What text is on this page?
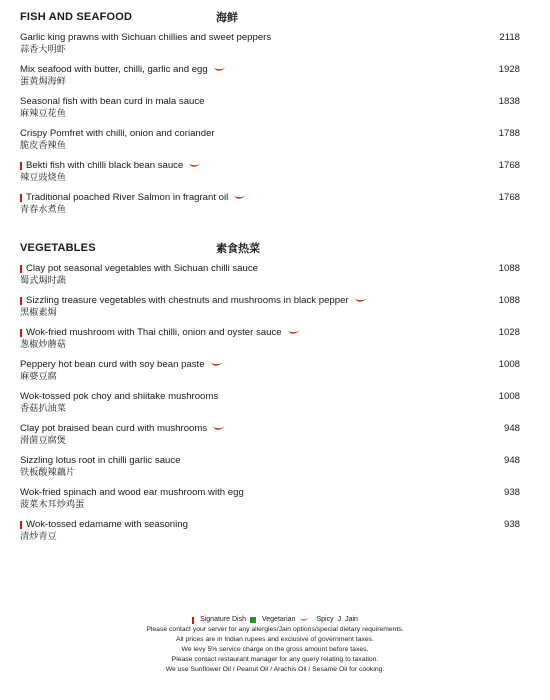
FISH AND SEAFOOD	海鲜
Garlic king prawns with Sichuan chillies and sweet peppers
蒜香大明虾
2118
Mix seafood with butter, chilli, garlic and egg
蛋黄焗海鲜
1928
Seasonal fish with bean curd in mala sauce
麻辣豆花鱼
1838
Crispy Pomfret with chilli, onion and coriander
脆皮香辣鱼
1788
Bekti fish with chilli black bean sauce
辣豆豉烧鱼
1768
Traditional poached River Salmon in fragrant oil
青春水煮鱼
1768
VEGETABLES	素食热菜
Clay pot seasonal vegetables with Sichuan chilli sauce
蜀式焗时蔬
1088
Sizzling treasure vegetables with chestnuts and mushrooms in black pepper
黑椒素焗
1088
Wok-fried mushroom with Thai chilli, onion and oyster sauce
葱椒炒蘑菇
1028
Peppery hot bean curd with soy bean paste
麻婆豆腐
1008
Wok-tossed pok choy and shiitake mushrooms
香菇扒油菜
1008
Clay pot braised bean curd with mushrooms
滑菌豆腐煲
948
Sizzling lotus root in chilli garlic sauce
铁板酸辣藕片
948
Wok-fried spinach and wood ear mushroom with egg
菠菜木耳炒鸡蛋
938
Wok-tossed edamame with seasoning
清炒青豆
938
Signature Dish Vegetarian	Spicy J Jain
Please contact your server for any allergies/Jain options/special dietary requirements.
All prices are in Indian rupees and exclusive of government taxes.
We levy 5% service charge on the gross amount before taxes.
Please contact restaurant manager for any query relating to taxation.
We use Sunflower Oil / Peanut Oil / Arachis Oil / Sesame Oil for cooking.
